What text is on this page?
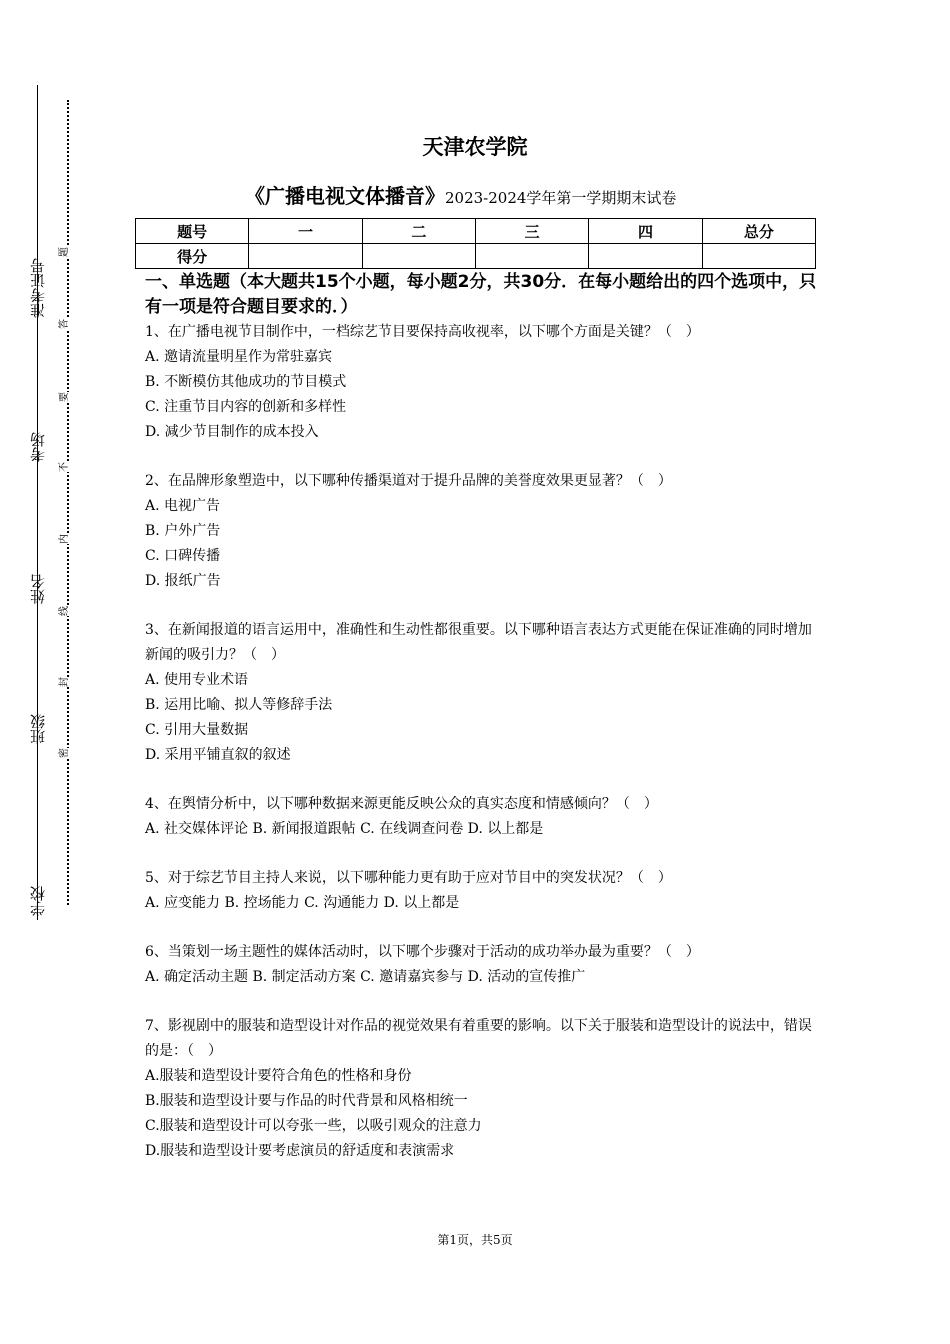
准考证号
考场
姓名
班级
学校
题
答
要
不
内
线
封
密
天津农学院
《广播电视文体播音》2023-2024学年第一学期期末试卷
题号	一	二	三	四	总分
得分					
一、单选题（本大题共15个小题，每小题2分，共30分．在每小题给出的四个选项中，只有一项是符合题目要求的．）

1、在广播电视节目制作中，一档综艺节目要保持高收视率，以下哪个方面是关键？（　）

A. 邀请流量明星作为常驻嘉宾

B. 不断模仿其他成功的节目模式

C. 注重节目内容的创新和多样性

D. 减少节目制作的成本投入

2、在品牌形象塑造中，以下哪种传播渠道对于提升品牌的美誉度效果更显著？（　）

A. 电视广告

B. 户外广告

C. 口碑传播

D. 报纸广告

3、在新闻报道的语言运用中，准确性和生动性都很重要。以下哪种语言表达方式更能在保证准确的同时增加新闻的吸引力？（　）

A. 使用专业术语

B. 运用比喻、拟人等修辞手法

C. 引用大量数据

D. 采用平铺直叙的叙述

4、在舆情分析中，以下哪种数据来源更能反映公众的真实态度和情感倾向？（　）

A. 社交媒体评论 B. 新闻报道跟帖 C. 在线调查问卷 D. 以上都是

5、对于综艺节目主持人来说，以下哪种能力更有助于应对节目中的突发状况？（　）

A. 应变能力 B. 控场能力 C. 沟通能力 D. 以上都是

6、当策划一场主题性的媒体活动时，以下哪个步骤对于活动的成功举办最为重要？（　）

A. 确定活动主题 B. 制定活动方案 C. 邀请嘉宾参与 D. 活动的宣传推广

7、影视剧中的服装和造型设计对作品的视觉效果有着重要的影响。以下关于服装和造型设计的说法中，错误的是：（　）

A.服装和造型设计要符合角色的性格和身份

B.服装和造型设计要与作品的时代背景和风格相统一

C.服装和造型设计可以夸张一些，以吸引观众的注意力

D.服装和造型设计要考虑演员的舒适度和表演需求

第1页，共5页
